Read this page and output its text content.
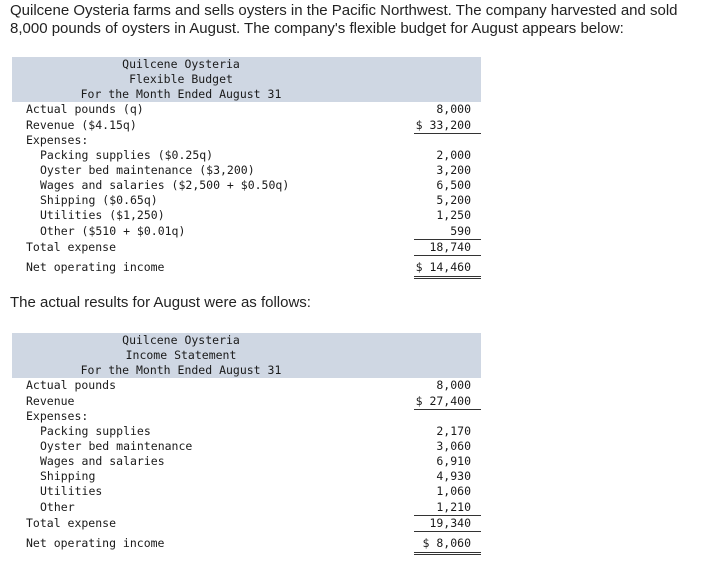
Quilcene Oysteria farms and sells oysters in the Pacific Northwest. The company harvested and sold 8,000 pounds of oysters in August. The company's flexible budget for August appears below:

Quilcene Oysteria
Flexible Budget
For the Month Ended August 31
Actual pounds (q)	8,000
Revenue ($4.15q)	$ 33,200
Expenses:
Packing supplies ($0.25q)	2,000
Oyster bed maintenance ($3,200)	3,200
Wages and salaries ($2,500 + $0.50q)	6,500
Shipping ($0.65q)	5,200
Utilities ($1,250)	1,250
Other ($510 + $0.01q)	590
Total expense	18,740
Net operating income	$ 14,460

The actual results for August were as follows:

Quilcene Oysteria
Income Statement
For the Month Ended August 31
Actual pounds	8,000
Revenue	$ 27,400
Expenses:
Packing supplies	2,170
Oyster bed maintenance	3,060
Wages and salaries	6,910
Shipping	4,930
Utilities	1,060
Other	1,210
Total expense	19,340
Net operating income	$ 8,060
